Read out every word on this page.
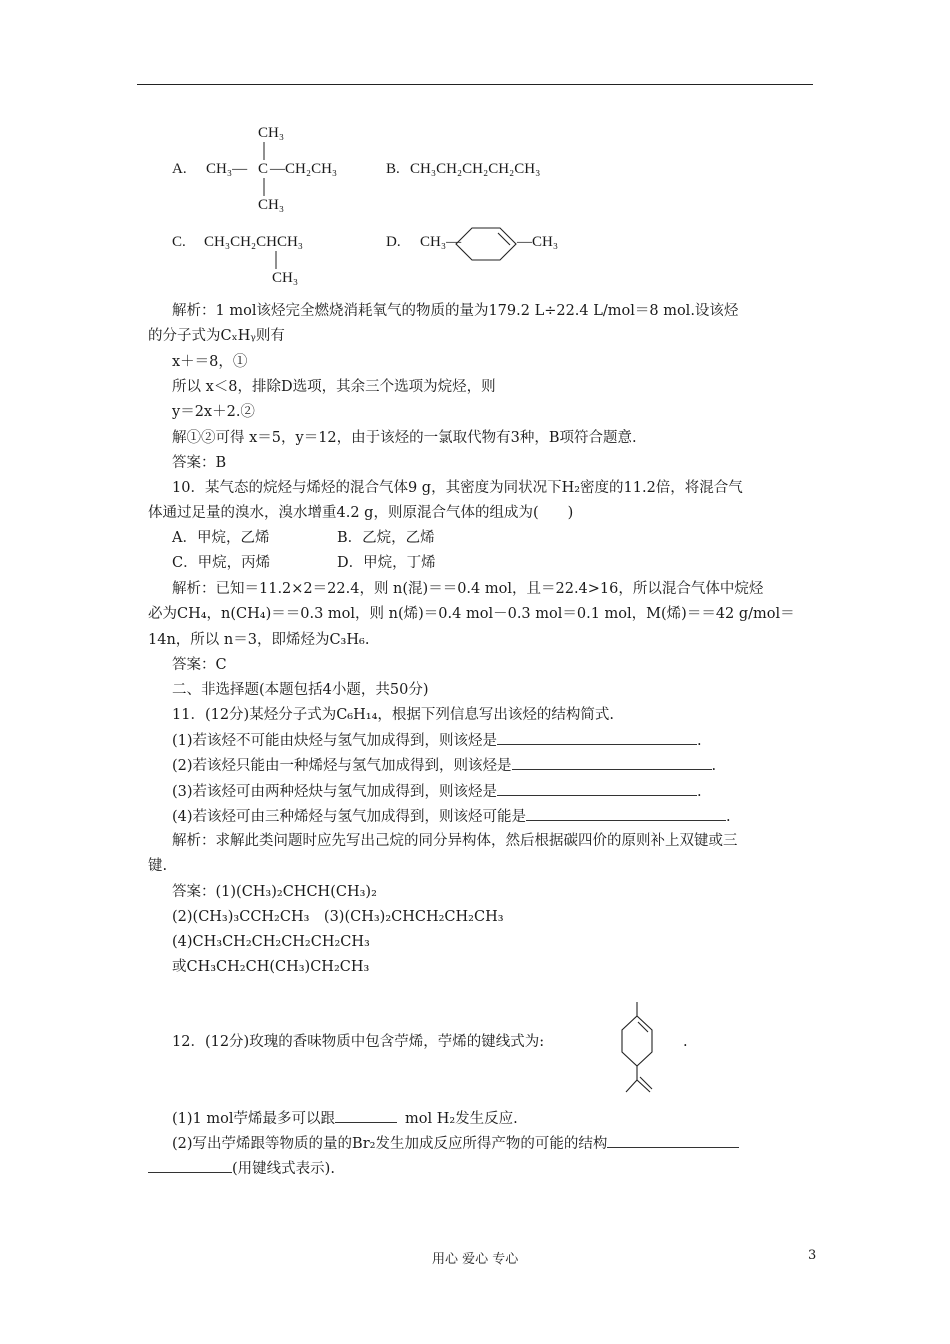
A.
CH₃
CH₃— C —CH₂CH₃
CH₃
B. CH₃CH₂CH₂CH₂CH₃
C. CH₃CH₂CHCH₃
CH₃
D. CH₃—	—CH₃
解析：1 mol该烃完全燃烧消耗氧气的物质的量为179.2 L÷22.4 L/mol＝8 mol.设该烃
的分子式为CₓHᵧ则有
x＋＝8，①
所以 x＜8，排除D选项，其余三个选项为烷烃，则
y＝2x＋2.②
解①②可得 x＝5，y＝12，由于该烃的一氯取代物有3种，B项符合题意.
答案：B
10．某气态的烷烃与烯烃的混合气体9 g，其密度为同状况下H₂密度的11.2倍，将混合气
体通过足量的溴水，溴水增重4.2 g，则原混合气体的组成为(　　)
A．甲烷，乙烯	B．乙烷，乙烯
C．甲烷，丙烯	D．甲烷，丁烯
解析：已知＝11.2×2＝22.4，则 n(混)＝＝0.4 mol，且＝22.4>16，所以混合气体中烷烃
必为CH₄，n(CH₄)＝＝0.3 mol，则 n(烯)＝0.4 mol－0.3 mol＝0.1 mol，M(烯)＝＝42 g/mol＝
14n，所以 n＝3，即烯烃为C₃H₆.
答案：C
二、非选择题(本题包括4小题，共50分)
11．(12分)某烃分子式为C₆H₁₄，根据下列信息写出该烃的结构简式.
(1)若该烃不可能由炔烃与氢气加成得到，则该烃是	.
(2)若该烃只能由一种烯烃与氢气加成得到，则该烃是	.
(3)若该烃可由两种烃炔与氢气加成得到，则该烃是	.
(4)若该烃可由三种烯烃与氢气加成得到，则该烃可能是	.
解析：求解此类问题时应先写出己烷的同分异构体，然后根据碳四价的原则补上双键或三
键.
答案：(1)(CH₃)₂CHCH(CH₃)₂
(2)(CH₃)₃CCH₂CH₃　(3)(CH₃)₂CHCH₂CH₂CH₃
(4)CH₃CH₂CH₂CH₂CH₂CH₃
或CH₃CH₂CH(CH₃)CH₂CH₃
12．(12分)玫瑰的香味物质中包含苧烯，苧烯的键线式为:	.
(1)1 mol苧烯最多可以跟	mol H₂发生反应.
(2)写出苧烯跟等物质的量的Br₂发生加成反应所得产物的可能的结构
(用键线式表示).
用心 爱心 专心	3
